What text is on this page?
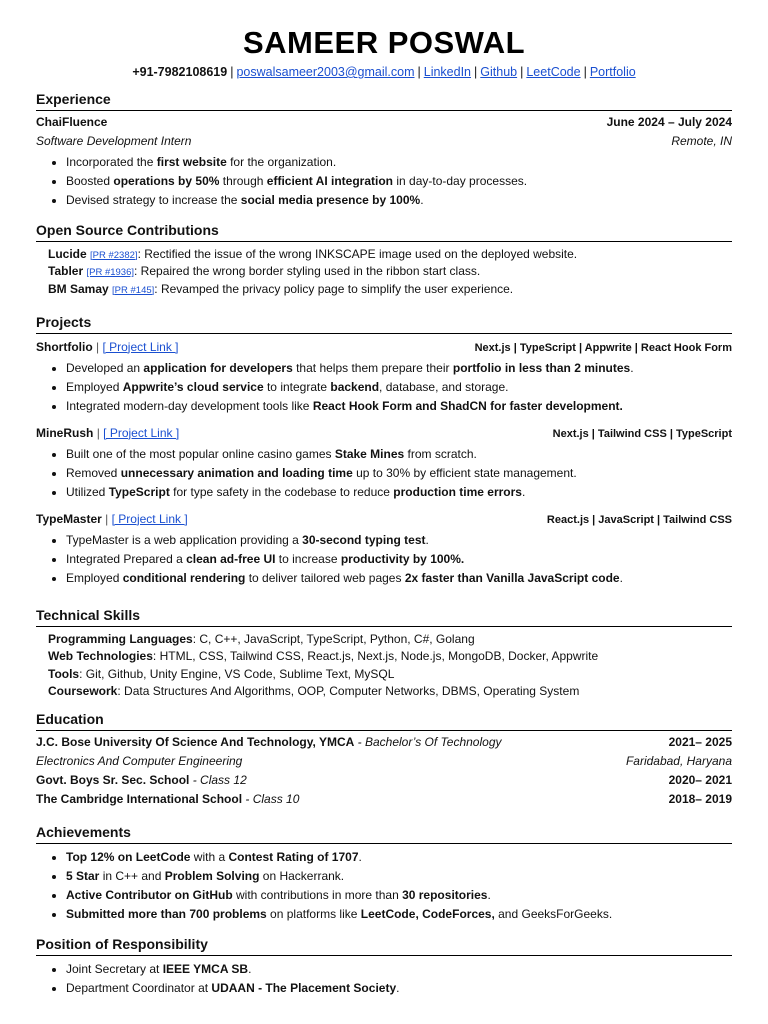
SAMEER POSWAL
+91-7982108619 | poswalsameer2003@gmail.com | LinkedIn | Github | LeetCode | Portfolio
Experience
ChaiFluence	June 2024 – July 2024
Software Development Intern	Remote, IN
• Incorporated the first website for the organization.
• Boosted operations by 50% through efficient AI integration in day-to-day processes.
• Devised strategy to increase the social media presence by 100%.
Open Source Contributions
Lucide [PR #2382]: Rectified the issue of the wrong INKSCAPE image used on the deployed website.
Tabler [PR #1936]: Repaired the wrong border styling used in the ribbon start class.
BM Samay [PR #145]: Revamped the privacy policy page to simplify the user experience.
Projects
Shortfolio | [ Project Link ]	Next.js | TypeScript | Appwrite | React Hook Form
• Developed an application for developers that helps them prepare their portfolio in less than 2 minutes.
• Employed Appwrite’s cloud service to integrate backend, database, and storage.
• Integrated modern-day development tools like React Hook Form and ShadCN for faster development.
MineRush | [ Project Link ]	Next.js | Tailwind CSS | TypeScript
• Built one of the most popular online casino games Stake Mines from scratch.
• Removed unnecessary animation and loading time up to 30% by efficient state management.
• Utilized TypeScript for type safety in the codebase to reduce production time errors.
TypeMaster | [ Project Link ]	React.js | JavaScript | Tailwind CSS
• TypeMaster is a web application providing a 30-second typing test.
• Integrated Prepared a clean ad-free UI to increase productivity by 100%.
• Employed conditional rendering to deliver tailored web pages 2x faster than Vanilla JavaScript code.
Technical Skills
Programming Languages: C, C++, JavaScript, TypeScript, Python, C#, Golang
Web Technologies: HTML, CSS, Tailwind CSS, React.js, Next.js, Node.js, MongoDB, Docker, Appwrite
Tools: Git, Github, Unity Engine, VS Code, Sublime Text, MySQL
Coursework: Data Structures And Algorithms, OOP, Computer Networks, DBMS, Operating System
Education
J.C. Bose University Of Science And Technology, YMCA - Bachelor’s Of Technology	2021– 2025
Electronics And Computer Engineering	Faridabad, Haryana
Govt. Boys Sr. Sec. School - Class 12	2020– 2021
The Cambridge International School - Class 10	2018– 2019
Achievements
• Top 12% on LeetCode with a Contest Rating of 1707.
• 5 Star in C++ and Problem Solving on Hackerrank.
• Active Contributor on GitHub with contributions in more than 30 repositories.
• Submitted more than 700 problems on platforms like LeetCode, CodeForces, and GeeksForGeeks.
Position of Responsibility
• Joint Secretary at IEEE YMCA SB.
• Department Coordinator at UDAAN - The Placement Society.
